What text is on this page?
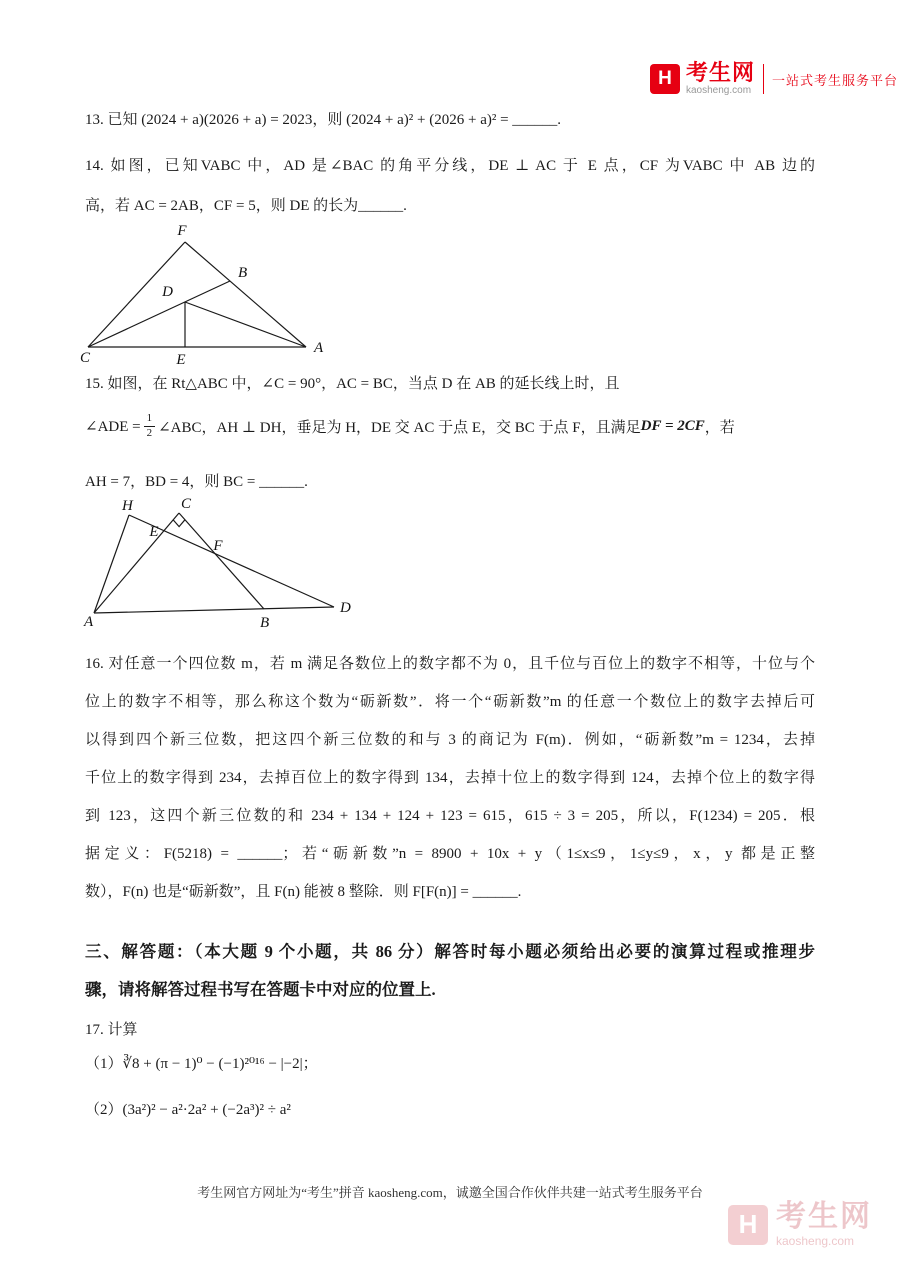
H 考生网
kaosheng.com
一站式考生服务平台
13. 已知 (2024 + a)(2026 + a) = 2023，则 (2024 + a)² + (2026 + a)² = ______.
14. 如图，已知VABC 中，AD 是∠BAC 的角平分线，DE ⊥ AC 于 E 点，CF 为VABC 中 AB 边的
高，若 AC = 2AB，CF = 5，则 DE 的长为______.
F
B
D
C	E
A
15. 如图，在 Rt△ABC 中，∠C = 90°，AC = BC，当点 D 在 AB 的延长线上时，且
∠ADE = $\frac{1}{2}$ ∠ABC，AH ⊥ DH，垂足为 H，DE 交 AC 于点 E，交 BC 于点 F，且满足 DF = 2CF ，若
AH = 7，BD = 4，则 BC = ______.
H	C
E
F
A	B
D
16. 对任意一个四位数 m，若 m 满足各数位上的数字都不为 0，且千位与百位上的数字不相等，十位与个
位上的数字不相等，那么称这个数为“砺新数”．将一个“砺新数”m 的任意一个数位上的数字去掉后可
以得到四个新三位数，把这四个新三位数的和与 3 的商记为 F(m)．例如，“砺新数”m = 1234，去掉
千位上的数字得到 234，去掉百位上的数字得到 134，去掉十位上的数字得到 124，去掉个位上的数字得
到 123，这四个新三位数的和 234 + 134 + 124 + 123 = 615，615 ÷ 3 = 205，所以，F(1234) = 205．根
据定义：F(5218) = ______；若“砺新数”n = 8900 + 10x + y（1≤x≤9，1≤y≤9，x，y 都是正整
数），F(n) 也是“砺新数”，且 F(n) 能被 8 整除．则 F[F(n)] = ______.
三、解答题：（本大题 9 个小题，共 86 分）解答时每小题必须给出必要的演算过程或推理步
骤，请将解答过程书写在答题卡中对应的位置上.
17. 计算
（1）∛8 + (π − 1)⁰ − (−1)²⁰¹⁶ − |−2|；
（2）(3a²)² − a²·2a² + (−2a³)² ÷ a²
考生网官方网址为“考生”拼音 kaosheng.com，诚邀全国合作伙伴共建一站式考生服务平台
H 考生网
kaosheng.com
